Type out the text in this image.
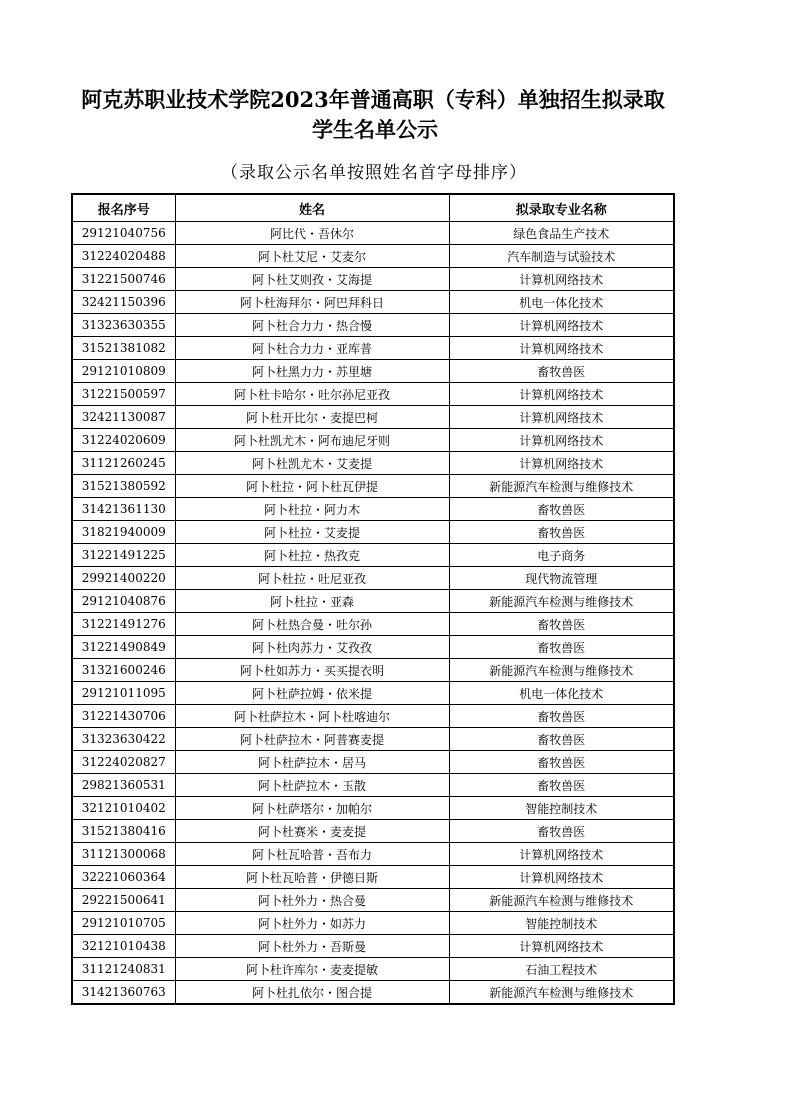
阿克苏职业技术学院2023年普通高职（专科）单独招生拟录取
学生名单公示
（录取公示名单按照姓名首字母排序）
报名序号	姓名	拟录取专业名称
29121040756	阿比代・吾休尔	绿色食品生产技术
31224020488	阿卜杜艾尼・艾麦尔	汽车制造与试验技术
31221500746	阿卜杜艾则孜・艾海提	计算机网络技术
32421150396	阿卜杜海拜尔・阿巴拜科日	机电一体化技术
31323630355	阿卜杜合力力・热合慢	计算机网络技术
31521381082	阿卜杜合力力・亚库普	计算机网络技术
29121010809	阿卜杜黑力力・苏里塘	畜牧兽医
31221500597	阿卜杜卡哈尔・吐尔孙尼亚孜	计算机网络技术
32421130087	阿卜杜开比尔・麦提巴柯	计算机网络技术
31224020609	阿卜杜凯尤木・阿布迪尼牙则	计算机网络技术
31121260245	阿卜杜凯尤木・艾麦提	计算机网络技术
31521380592	阿卜杜拉・阿卜杜瓦伊提	新能源汽车检测与维修技术
31421361130	阿卜杜拉・阿力木	畜牧兽医
31821940009	阿卜杜拉・艾麦提	畜牧兽医
31221491225	阿卜杜拉・热孜克	电子商务
29921400220	阿卜杜拉・吐尼亚孜	现代物流管理
29121040876	阿卜杜拉・亚森	新能源汽车检测与维修技术
31221491276	阿卜杜热合曼・吐尔孙	畜牧兽医
31221490849	阿卜杜肉苏力・艾孜孜	畜牧兽医
31321600246	阿卜杜如苏力・买买提衣明	新能源汽车检测与维修技术
29121011095	阿卜杜萨拉姆・依米提	机电一体化技术
31221430706	阿卜杜萨拉木・阿卜杜喀迪尔	畜牧兽医
31323630422	阿卜杜萨拉木・阿普赛麦提	畜牧兽医
31224020827	阿卜杜萨拉木・居马	畜牧兽医
29821360531	阿卜杜萨拉木・玉散	畜牧兽医
32121010402	阿卜杜萨塔尔・加帕尔	智能控制技术
31521380416	阿卜杜赛米・麦麦提	畜牧兽医
31121300068	阿卜杜瓦哈普・吾布力	计算机网络技术
32221060364	阿卜杜瓦哈普・伊德日斯	计算机网络技术
29221500641	阿卜杜外力・热合曼	新能源汽车检测与维修技术
29121010705	阿卜杜外力・如苏力	智能控制技术
32121010438	阿卜杜外力・吾斯曼	计算机网络技术
31121240831	阿卜杜许库尔・麦麦提敏	石油工程技术
31421360763	阿卜杜扎依尔・图合提	新能源汽车检测与维修技术
